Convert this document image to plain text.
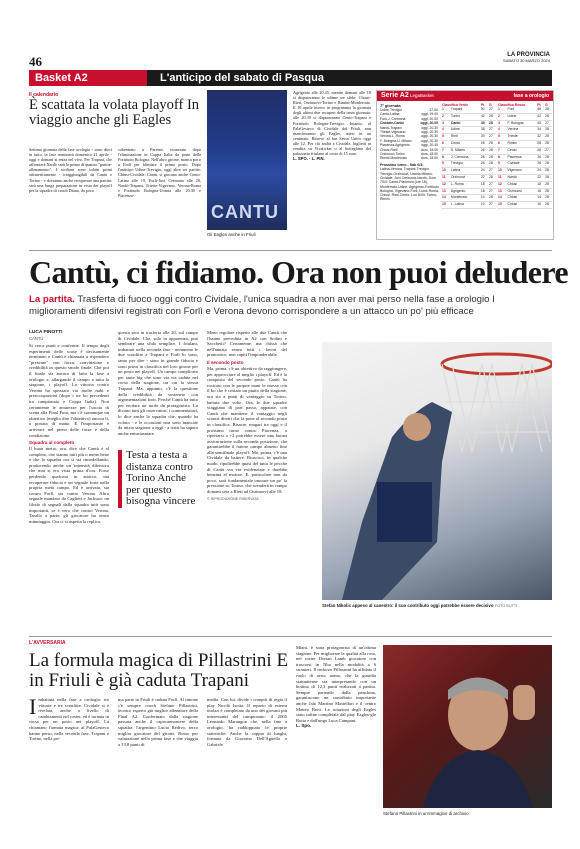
46	LA PROVINCIA
SABATO 30 MARZO 2024
Basket A2	L'anticipo del sabato di Pasqua
Il calendario
È scattata la volata playoff In viaggio anche gli Eagles
Settima giornata della fase orologio - sono dieci in tutto, la fase terminerà domenica 21 aprile - oggi e domani si entra nel vivo. Per Trapani, che affronterà Nardò sarà la prima di quattro "partite-allenamento". I siciliani sono infatti primi aritmeticamente - irraggiungibili da Cantù e Torino - e dovranno anche recuperare una partita: sarà una lunga preparazione in vista dei playoff per la squadra di coach Diana, da poco
subentrato a Parente, esonerato dopo l'eliminazione in Coppa Italia da parte della Fortitudo Bologna. Nell'altro girone, manca poco a Forlì per blindare il primo posto. Dopo l'anticipo Udine-Trevigio, oggi altre sei partite: Chiusi-Cividale, Cantù, si giocano anche Cento-Latina alle 19, Forlì-Juvi Cremona alle 20, Nardò-Trapani, Trieste-Vigevano, Verona-Roma e Fortitudo Bologna-Urania alle 20.30 e Piacenza-
CANTU
Gli Eagles anche in Friuli
Agrigento alle 20.45, mentre domani alle 18 si disputeranno le ultime tre sfide: Chiusi-Rieti, Orzinuovi-Torino e Rimini-Monferrato. Il 10 aprile invece in programma la giornata degli ultimi due recuperi della terza giornata: alle 20.30 si disputeranno Cento-Trapani e Fortitudo Bologna-Trevigio. Intanto, al PalaGesteco di Cividale del Friuli, non mancheranno gli Eagles, attesi in un centinaio. Ritrovo al bar Sesso Unico oggi alle 12. Per chi andrà a Cividale, biglietti in vendita su Vivaticket o al botteghino del palazzetto friulano al costo di 15 euro.
L. SPO. - L. PIN.
Serie A2 LegaBasket	fase a orologio
7ª giornata
Udine-Trevigio	17-00
Cento-Latina	oggi, 19.00
Forlì-J. Cremona	oggi, 20.00
Cividale-Cantù	oggi, 20.00
Nardò-Trapani	oggi, 20.30
Trieste-Vigevano	oggi, 20.30
Verona-L. Roma	oggi, 20.30
F. Bologna-U. Milano	oggi, 20.30
Piacenza-Agrigento	oggi, 20.45
Chiusi-Rieti	dom, 18.00
Orzinuovi-Torino	dom, 18.00
Rimini-Monferrato	dom, 18.00
Prossimo turno - Sab 6/4:
Latina-Verona, Trapani-Trevigio, Trevigio-Orzinuovi, Urania Milano-Cividale, Juvi Cremona-Nardò; Dom 7/04: Cantù-Piacenza (ore 18), Monferrato-Udine, Agrigento-Fortitudo Bologna, Vigevano-Forlì, Luiss Roma-Chiusi, Rieti-Cento; Lun 8/04: Torino-Rimini
Classifica Verde		Pt	G
1	Trapani	50	27
2	Torino	42	28
3	Cantù	40	28
4	Udine	38	27
5	Rieti	30	27
6	Cento	26	28
7	S. Milano	26	28
8	J. Cremona	26	28
9	Trevigio	26	28
10	Latina	24	27
11	Orzinuovi	22	28
12	L. Roma	18	27
13	Agrigento	18	27
14	Monferrato	14	28
15	L. Latina	10	27
Classifica Rossa		Pt	G
1	Forlì	46	28
2	Udine	42	28
3	F. Bologna	40	27
4	Verona	34	28
5	Trieste	32	28
6	Rimini	28	28
7	Cento	26	27
8	Piacenza	26	28
9	Cividale	26	28
10	Vigevano	24	28
11	Nardò	22	28
12	Chiusi	18	28
13	Orzinuovi	16	28
14	Chiusi	14	28
15	Chiusi	10	28
Cantù, ci fidiamo. Ora non puoi deludere
La partita. Trasferta di fuoco oggi contro Cividale, l'unica squadra a non aver mai perso nella fase a orologio I miglioramenti difensivi registrati con Forlì e Verona devono corrispondere a un attacco un po' più efficace
LUCA PINOTTI
CANTÙ
Si cerca punti e conferme. Il tempo degli esperimenti delle scuse è decisamente terminato e Cantù è chiamata a rispondere "presente" con forza, convinzione e credibilità in questo snodo finale. Che poi il finale sia ancora di fatto la fase a orologio e, allargando il campo a tutta la stagione, i playoff. La vittoria contro Verona ha spezzato via molte nubi e preoccupazioni (dopo i tre ko precedenti tra campionato e Coppa Italia). Non certamente le amarezze per l'uscita di scena alla Final Four, ma c'è comunque un obiettivo (meglio dire l'obiettivo) ancora lì, a portata di mano. E l'importante è arrivarci nel pieno delle forze e della condizione.
Squadra al completo
Il buon metro, ora, dice che Cantù è al completo, che stanno tutti più o meno bene e che la squadra ora si sta rimodellando, producendo anche un 'intensità difensiva che mai si era vista prima d'ora. Forse perdendo qualcosa in attacco, ma recuperare fiducia e un segnale forte nella propria metà campo. Ed è arrivata, sia contro Forlì, sia contro Verona. Altro segnale mandato da Caglieri e Jackson: un filotto di segnali dalla squadra tutti sono importanti, se è vero che contro Verona, Tarallo a parte, gli giocatore ha avuto minutaggio. Ora ci si aspetta la replica,
questa sera in trasferta alle 20, sul campo di Cividale. Che, solo in apparenza, può sembrare una sfida semplice. I friulani, imbattuti nella seconda fase - nemmeno le due sconfitte a Trapani e Forlì lo sono, tanto per dire - sono in grande fiducia e sono primi in classifica nel loro girone per un posto nei playoff. Un campo complicato per tante big che sono via via cadute nel corso della stagione, tra cui la stessa Trapani. Ma, appunto, c'è la questione della credibilità da sostenere con argomentazioni forti. Perché Cantù ha tutto per recitare un ruolo da protagonista. Lo dicono tutti gli osservatori, i commentatori, lo dice anche la squadra che, quando ha voluto - e le occasioni non sono mancate da inizio stagione a oggi - a tratti ha saputo anche entusiasmare.
Testa a testa a distanza contro Torino Anche per questo bisogna vincere
Meno regolare rispetto alle due Cantù che l'hanno preceduta in A2 con Sodini e Sacchetti? Certamente, ma chissà che nell'annata senza tutti i favori del pronostico, non capiti l'imponderabile.
Il secondo posto
Ma, prima, c'è un obiettivo da raggiungere, per approcciare al meglio i playoff. Ed è la conquista del secondo posto. Cantù ha rosicato con le proprie mani le mosse con il ko che è costato un punto della stagione, ora sta a punti di vantaggio su Torino, battuta due volte. Ora, le due squadre viaggiano di pari passo, appaiate, con Cantù che mantiene il vantaggio negli scontri diretti che la pone al secondo posto in classifica. Bisacre, magari tra oggi e il prossimo turno contro Piacenza, a riportarsi a +2 potrebbe essere una buona assicurazione sulla seconda posizione, che garantirebbe il fattore campo almeno fino alla semifinale playoff. Ma, prima, c'è una Cividale da battere. Riuscirci, in qualche modo, ripulirebbe quasi del tutto le pecche di Cantù via via evidenziate e darebbe benzina al motore. E, particolare non da poco, sarà fondamentale onorare un po' la pressione su Torino, che scenderà in campo domani sera a Rieti ad Orzinuovi alle 18.
© RIPRODUZIONE RISERVATA
Stefan Nikolic appeso al canestro: il suo contributo oggi potrebbe essere decisivo FOTO BUTTI
L'AVVERSARIA
La formula magica di Pillastrini E in Friuli è già caduta Trapani
Imbattuta nella fase a orologio: tre vittorie e tre sconfitte. Cividale si è rivelata, anche a livello di cambiamenti nel roster, ed è tornata in corsa per un posto nei playoff. La chiamano l'armata magica: al PalaGesteco hanno perso, nella seconda fase, Trapani e Torino, nella pri-
ma parte in Friuli è caduta Forlì. Al timone c'è sempre coach Stefano Pillastrini, tecnico esperto già miglior allenatore della Final A2. Confermato dalla stagione passata anche il capocannoniere della squadra: l'argentino Lucio Redivo, terzo miglior giocatore del girone. Rosso per valutazione nella prima fase e che viaggia a 13,8 punti di
media. Con lui, divide i compiti di regia il play Nicolò Isotta. Il reparto di esterni titolari è completato da uno dei giovani più interessanti del campionato: il 2005 Leonardo Marangon che, nella fase a orologio, ha raddoppiato le proprie statistiche. Anche la coppia di lunghi, formata da Giacomo Dell'Agnello e Gabriele
Miani, è stata protagonista di un'ottima stagione. Per migliorare la qualità alla rosa, nel roster Dorian Lamb giocatore con trascorsi in Nba nella modalità a 6 stranieri. Il rinforzo Pillastrini ha affidato il ruolo di sesto uomo, che la guardia statunitense sta interpretando con un bottino di 12,3 punti realizzati a partita. Sempre partendo dalla panchina, garantiscono un contributo importante anche Jalo Martino Mastellari e il centro Matteo Berti. Le rotazioni degli Eagles sono infine completate dal play Eagles-gle Rotta e dall'ungo Luca Campani.
L. Spo.
Stefano Pillastrini in un'immagine di archivio
